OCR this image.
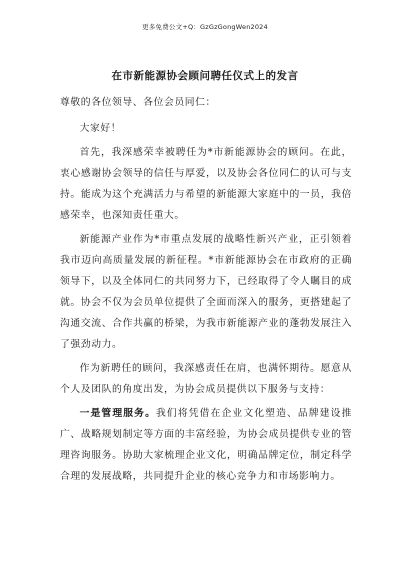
更多免费公文+Q：GzGzGongWen2024
在市新能源协会顾问聘任仪式上的发言

尊敬的各位领导、各位会员同仁：

大家好！

首先，我深感荣幸被聘任为*市新能源协会的顾问。在此，衷心感谢协会领导的信任与厚爱，以及协会各位同仁的认可与支持。能成为这个充满活力与希望的新能源大家庭中的一员，我倍感荣幸，也深知责任重大。

新能源产业作为*市重点发展的战略性新兴产业，正引领着我市迈向高质量发展的新征程。*市新能源协会在市政府的正确领导下，以及全体同仁的共同努力下，已经取得了令人瞩目的成就。协会不仅为会员单位提供了全面而深入的服务，更搭建起了沟通交流、合作共赢的桥梁，为我市新能源产业的蓬勃发展注入了强劲动力。

作为新聘任的顾问，我深感责任在肩，也满怀期待。愿意从个人及团队的角度出发，为协会成员提供以下服务与支持：

一是管理服务。我们将凭借在企业文化塑造、品牌建设推广、战略规划制定等方面的丰富经验，为协会成员提供专业的管理咨询服务。协助大家梳理企业文化，明确品牌定位，制定科学合理的发展战略，共同提升企业的核心竞争力和市场影响力。
